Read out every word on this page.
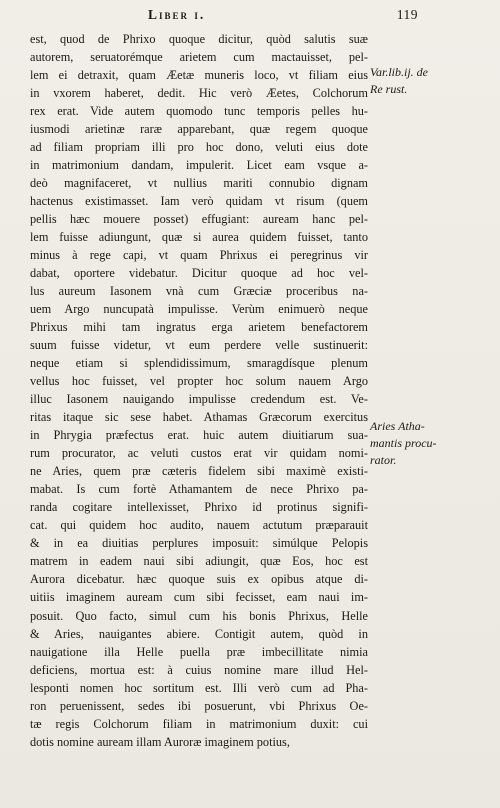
Liber i.	119
est, quod de Phrixo quoque dicitur, quòd salutis suæ
autorem, seruatorémque arietem cum mactauisset, pel-
lem ei detraxit, quam Æetæ muneris loco, vt filiam eius
in vxorem haberet, dedit. Hic verò Æetes, Colchorum
rex erat. Vide autem quomodo tunc temporis pelles hu-
iusmodi arietinæ raræ apparebant, quæ regem quoque
ad filiam propriam illi pro hoc dono, veluti eius dote
in matrimonium dandam, impulerit. Licet eam vsque a-
deò magnifaceret, vt nullius mariti connubio dignam
hactenus existimasset. Iam verò quidam vt risum (quem
pellis hæc mouere posset) effugiant: auream hanc pel-
lem fuisse adiungunt, quæ si aurea quidem fuisset, tanto
minus à rege capi, vt quam Phrixus ei peregrinus vir
dabat, oportere videbatur. Dicitur quoque ad hoc vel-
lus aureum Iasonem vnà cum Græciæ proceribus na-
uem Argo nuncupatà impulisse. Verùm enimuerò neque
Phrixus mihi tam ingratus erga arietem benefactorem
suum fuisse videtur, vt eum perdere velle sustinuerit:
neque etiam si splendidissimum, smaragdísque plenum
vellus hoc fuisset, vel propter hoc solum nauem Argo
illuc Iasonem nauigando impulisse credendum est. Ve-
ritas itaque sic sese habet. Athamas Græcorum exercitus
in Phrygia præfectus erat. huic autem diuitiarum sua-
rum procurator, ac veluti custos erat vir quidam nomi-
ne Aries, quem præ cæteris fidelem sibi maximè existi-
mabat. Is cum fortè Athamantem de nece Phrixo pa-
randa cogitare intellexisset, Phrixo id protinus signifi-
cat. qui quidem hoc audito, nauem actutum præparauit
& in ea diuitias perplures imposuit: simúlque Pelopis
matrem in eadem naui sibi adiungit, quæ Eos, hoc est
Aurora dicebatur. hæc quoque suis ex opibus atque di-
uitiis imaginem auream cum sibi fecisset, eam naui im-
posuit. Quo facto, simul cum his bonis Phrixus, Helle
& Aries, nauigantes abiere. Contigit autem, quòd in
nauigatione illa Helle puella præ imbecillitate nimia
deficiens, mortua est: à cuius nomine mare illud Hel-
lesponti nomen hoc sortitum est. Illi verò cum ad Pha-
ron peruenissent, sedes ibi posuerunt, vbi Phrixus Oe-
tæ regis Colchorum filiam in matrimonium duxit: cui
dotis nomine auream illam Auroræ imaginem potius,
Var.lib.ij. de
Re rust.
Aries Atha-
mantis procu-
rator.
